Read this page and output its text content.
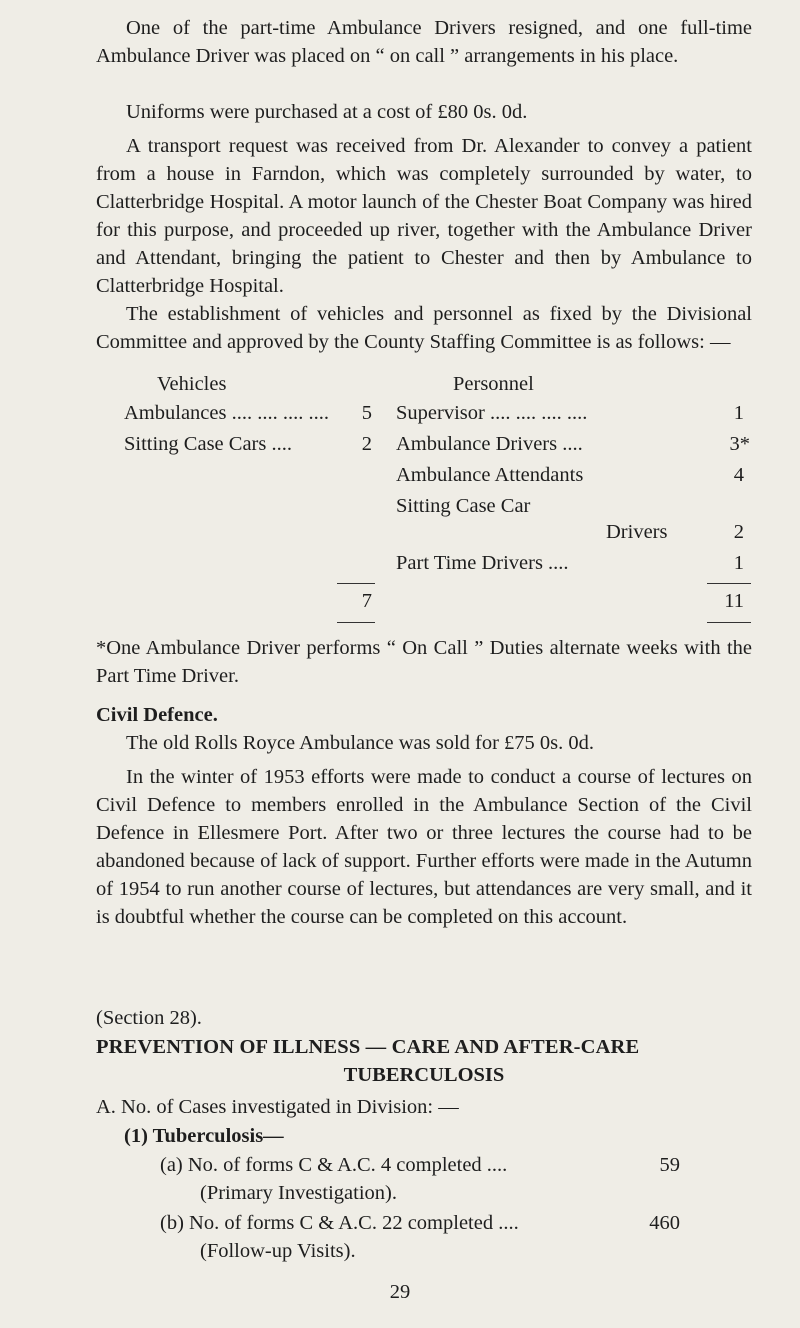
One of the part-time Ambulance Drivers resigned, and one full-time Ambulance Driver was placed on “ on call ” arrangements in his place.

Uniforms were purchased at a cost of £80 0s. 0d.

A transport request was received from Dr. Alexander to convey a patient from a house in Farndon, which was completely surrounded by water, to Clatterbridge Hospital. A motor launch of the Chester Boat Company was hired for this purpose, and proceeded up river, together with the Ambulance Driver and Attendant, bringing the patient to Chester and then by Ambulance to Clatterbridge Hospital.

The establishment of vehicles and personnel as fixed by the Divisional Committee and approved by the County Staffing Committee is as follows: —

Vehicles	Personnel
Ambulances .... .... .... ....	5
Sitting Case Cars ....	2
Supervisor .... .... .... ....	1
Ambulance Drivers ....	3*
Ambulance Attendants	4
Sitting Case Car
Drivers	2
Part Time Drivers ....	1
7	11

*One Ambulance Driver performs “ On Call ” Duties alternate weeks with the Part Time Driver.

Civil Defence.

The old Rolls Royce Ambulance was sold for £75 0s. 0d.

In the winter of 1953 efforts were made to conduct a course of lectures on Civil Defence to members enrolled in the Ambulance Section of the Civil Defence in Ellesmere Port. After two or three lectures the course had to be abandoned because of lack of support. Further efforts were made in the Autumn of 1954 to run another course of lectures, but attendances are very small, and it is doubtful whether the course can be completed on this account.

(Section 28).
PREVENTION OF ILLNESS — CARE AND AFTER-CARE
TUBERCULOSIS
A. No. of Cases investigated in Division: —
(1) Tuberculosis—
(a) No. of forms C & A.C. 4 completed ....	59
(Primary Investigation).
(b) No. of forms C & A.C. 22 completed ....	460
(Follow-up Visits).
29
